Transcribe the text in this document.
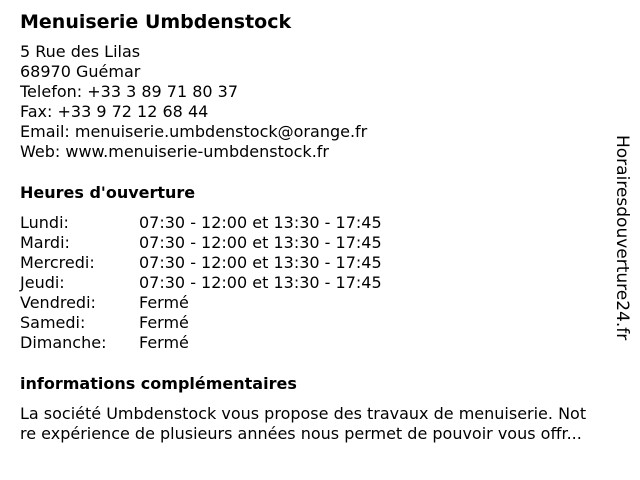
Menuiserie Umbdenstock
5 Rue des Lilas
68970 Guémar
Telefon: +33 3 89 71 80 37
Fax: +33 9 72 12 68 44
Email: menuiserie.umbdenstock@orange.fr
Web: www.menuiserie-umbdenstock.fr
Heures d'ouverture
Lundi:	07:30 - 12:00 et 13:30 - 17:45
Mardi:	07:30 - 12:00 et 13:30 - 17:45
Mercredi:	07:30 - 12:00 et 13:30 - 17:45
Jeudi:	07:30 - 12:00 et 13:30 - 17:45
Vendredi:	Fermé
Samedi:	Fermé
Dimanche: Fermé
informations complémentaires
La société Umbdenstock vous propose des travaux de menuiserie. Not
re expérience de plusieurs années nous permet de pouvoir vous offr...
Horairesdouverture24.fr
